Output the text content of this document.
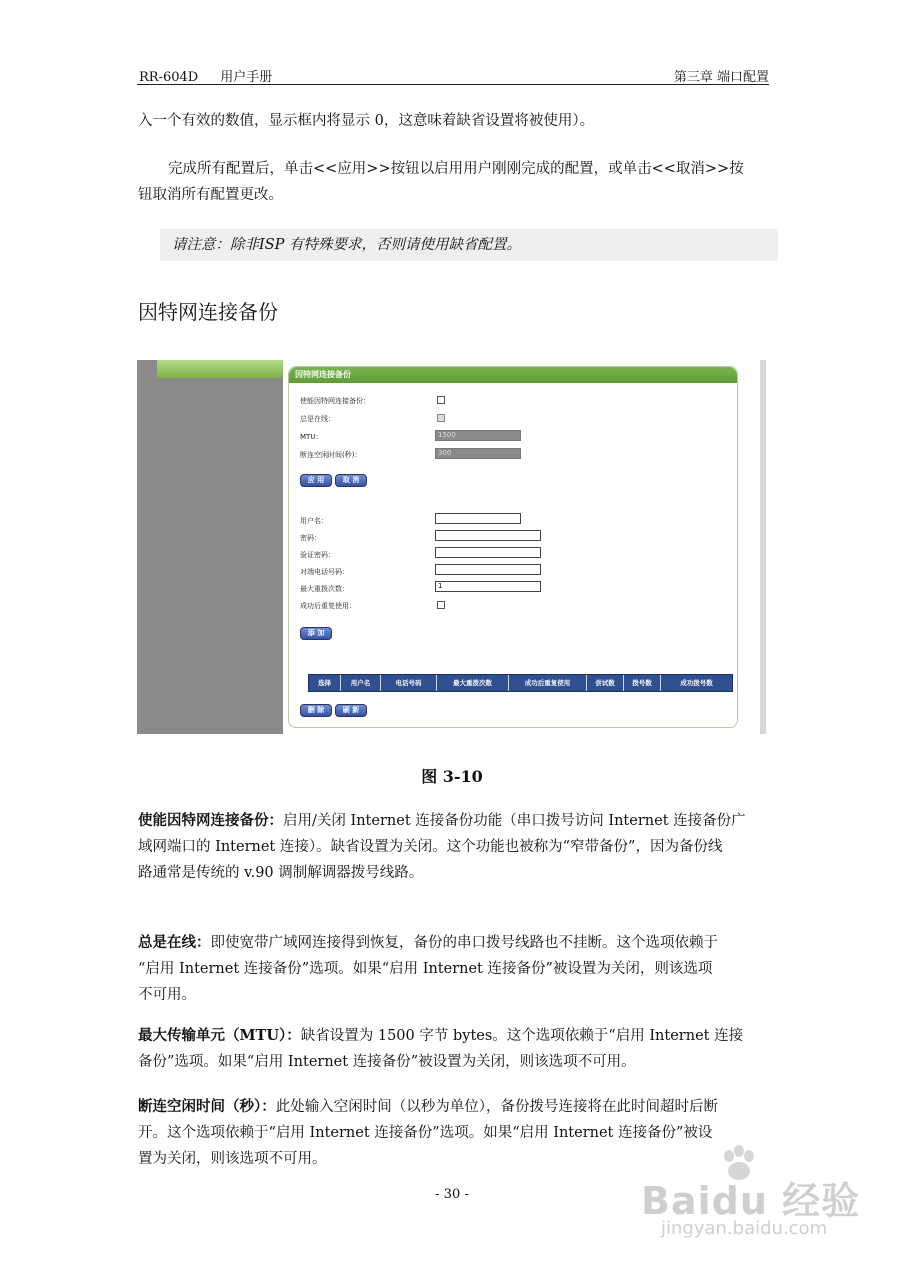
RR-604D 用户手册	第三章 端口配置
入一个有效的数值，显示框内将显示 0，这意味着缺省设置将被使用）。
完成所有配置后，单击<<应用>>按钮以启用用户刚刚完成的配置，或单击<<取消>>按
钮取消所有配置更改。
请注意：除非ISP 有特殊要求，否则请使用缺省配置。
因特网连接备份
因特网连接备份
使能因特网连接备份：
总是在线：
MTU：	1500
断连空闲时间(秒)：	300
应 用	取 消
用户名：
密码：
验证密码：
对端电话号码：
最大重拨次数：	1
成功后重复使用：
添 加
选择	用户名	电话号码	最大重拨次数	成功后重复使用	尝试数	拨号数	成功拨号数
删 除	刷 新
图 3-10
使能因特网连接备份：启用/关闭 Internet 连接备份功能（串口拨号访问 Internet 连接备份广
域网端口的 Internet 连接）。缺省设置为关闭。这个功能也被称为“窄带备份”，因为备份线
路通常是传统的 v.90 调制解调器拨号线路。
总是在线：即使宽带广域网连接得到恢复，备份的串口拨号线路也不挂断。这个选项依赖于
“启用 Internet 连接备份”选项。如果“启用 Internet 连接备份”被设置为关闭，则该选项
不可用。
最大传输单元（MTU）：缺省设置为 1500 字节 bytes。这个选项依赖于“启用 Internet 连接
备份”选项。如果“启用 Internet 连接备份”被设置为关闭，则该选项不可用。
断连空闲时间（秒）：此处输入空闲时间（以秒为单位），备份拨号连接将在此时间超时后断
开。这个选项依赖于“启用 Internet 连接备份”选项。如果“启用 Internet 连接备份”被设
置为关闭，则该选项不可用。
- 30 -	Baidu 经验
jingyan.baidu.com
